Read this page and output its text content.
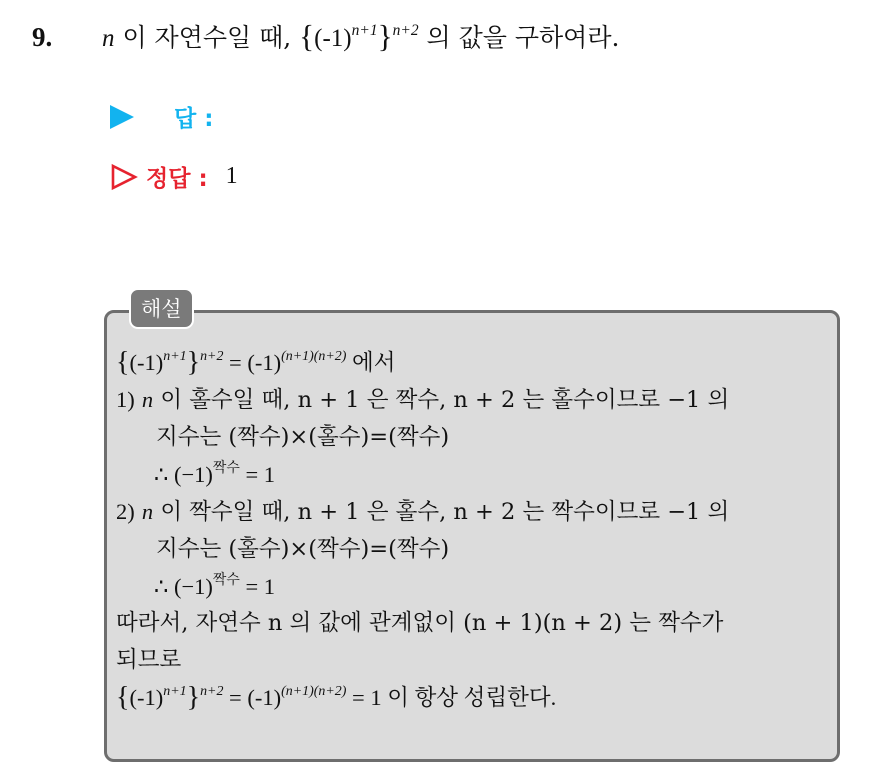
9. n 이 자연수일 때, $\{(-1)^{n+1}\}^{n+2}$ 의 값을 구하여라.
답 :
정답 : 1
해설
$\{(-1)^{n+1}\}^{n+2} = (-1)^{(n+1)(n+2)}$ 에서
1) n 이 홀수일 때, n + 1 은 짝수, n + 2 는 홀수이므로 −1 의
지수는 (짝수)×(홀수)=(짝수)
∴ $(-1)^{짝수} = 1$
2) n 이 짝수일 때, n + 1 은 홀수, n + 2 는 짝수이므로 −1 의
지수는 (홀수)×(짝수)=(짝수)
∴ $(-1)^{짝수} = 1$
따라서, 자연수 n 의 값에 관계없이 (n + 1)(n + 2) 는 짝수가
되므로
$\{(-1)^{n+1}\}^{n+2} = (-1)^{(n+1)(n+2)} = 1$ 이 항상 성립한다.
